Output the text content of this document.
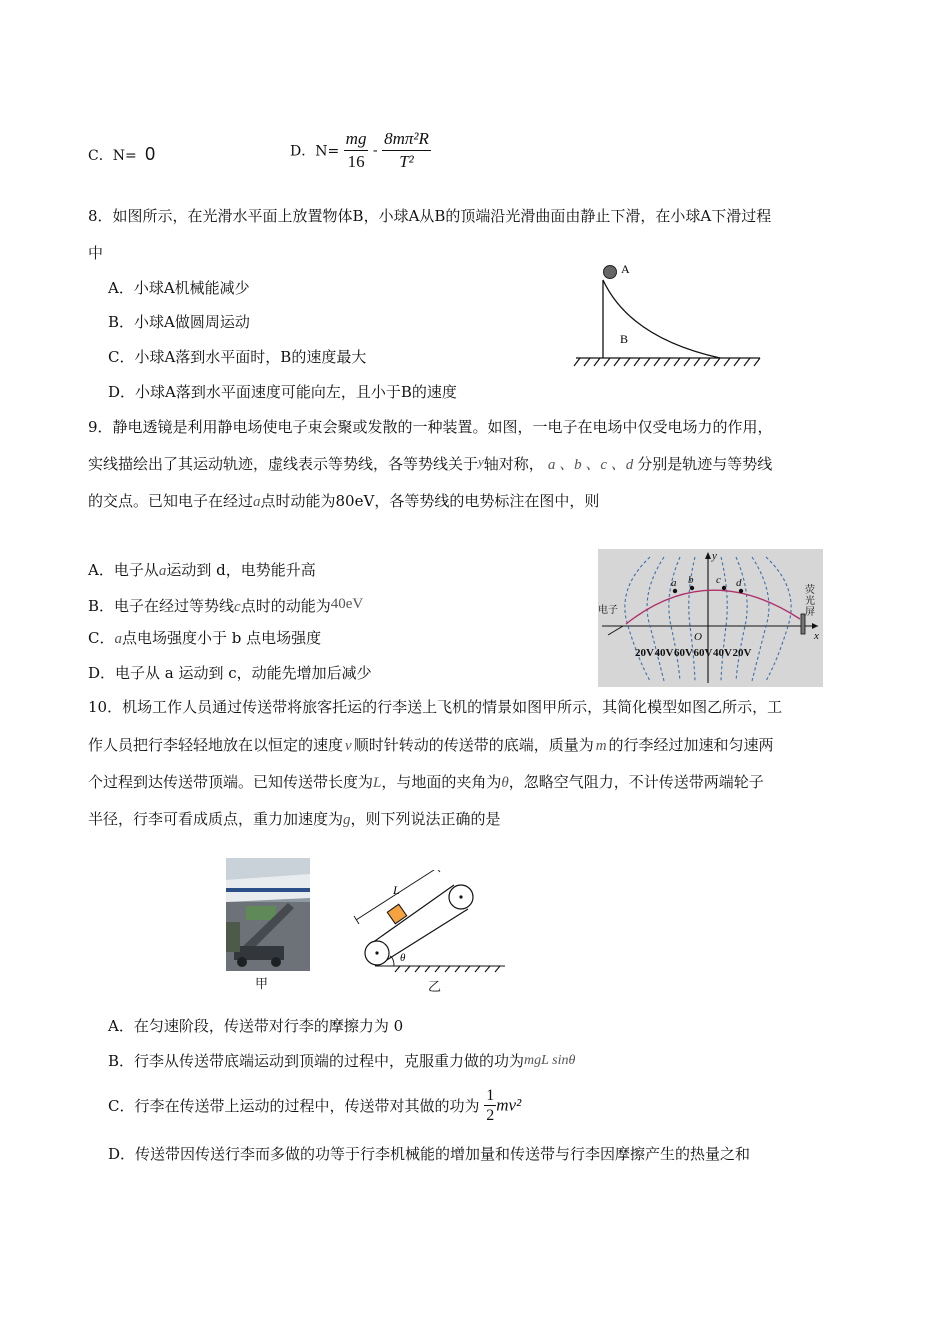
C．N= 0	D．$N= \frac{mg}{16} - \frac{\text{8mπ²R}}{\text{T²}}$
8．如图所示，在光滑水平面上放置物体B，小球A从B的顶端沿光滑曲面由静止下滑，在小球A下滑过程
中
A．小球A机械能减少
B．小球A做圆周运动
C．小球A落到水平面时，B的速度最大
D．小球A落到水平面速度可能向左，且小于B的速度
A
B
9．静电透镜是利用静电场使电子束会聚或发散的一种装置。如图，一电子在电场中仅受电场力的作用，
实线描绘出了其运动轨迹，虚线表示等势线，各等势线关于y轴对称， a 、b 、c 、d 分别是轨迹与等势线
的交点。已知电子在经过a点时动能为80eV，各等势线的电势标注在图中，则
A．电子从a运动到 d，电势能升高
B．电子在经过等势线c点时的动能为40eV
C．a点电场强度小于 b 点电场强度
D．电子从 a 运动到 c，动能先增加后减少
y
x
O
a b c d
电子
荧
光
屏
20V 40V 60V 60V 40V 20V
10．机场工作人员通过传送带将旅客托运的行李送上飞机的情景如图甲所示，其简化模型如图乙所示，工
作人员把行李轻轻地放在以恒定的速度 v 顺时针转动的传送带的底端，质量为 m 的行李经过加速和匀速两
个过程到达传送带顶端。已知传送带长度为L，与地面的夹角为θ，忽略空气阻力，不计传送带两端轮子
半径，行李可看成质点，重力加速度为g，则下列说法正确的是
甲
L
θ
乙
A．在匀速阶段，传送带对行李的摩擦力为 0
B．行李从传送带底端运动到顶端的过程中，克服重力做的功为mgL sinθ
C．行李在传送带上运动的过程中，传送带对其做的功为 $\frac{1}{2} mv^2$
D．传送带因传送行李而多做的功等于行李机械能的增加量和传送带与行李因摩擦产生的热量之和
